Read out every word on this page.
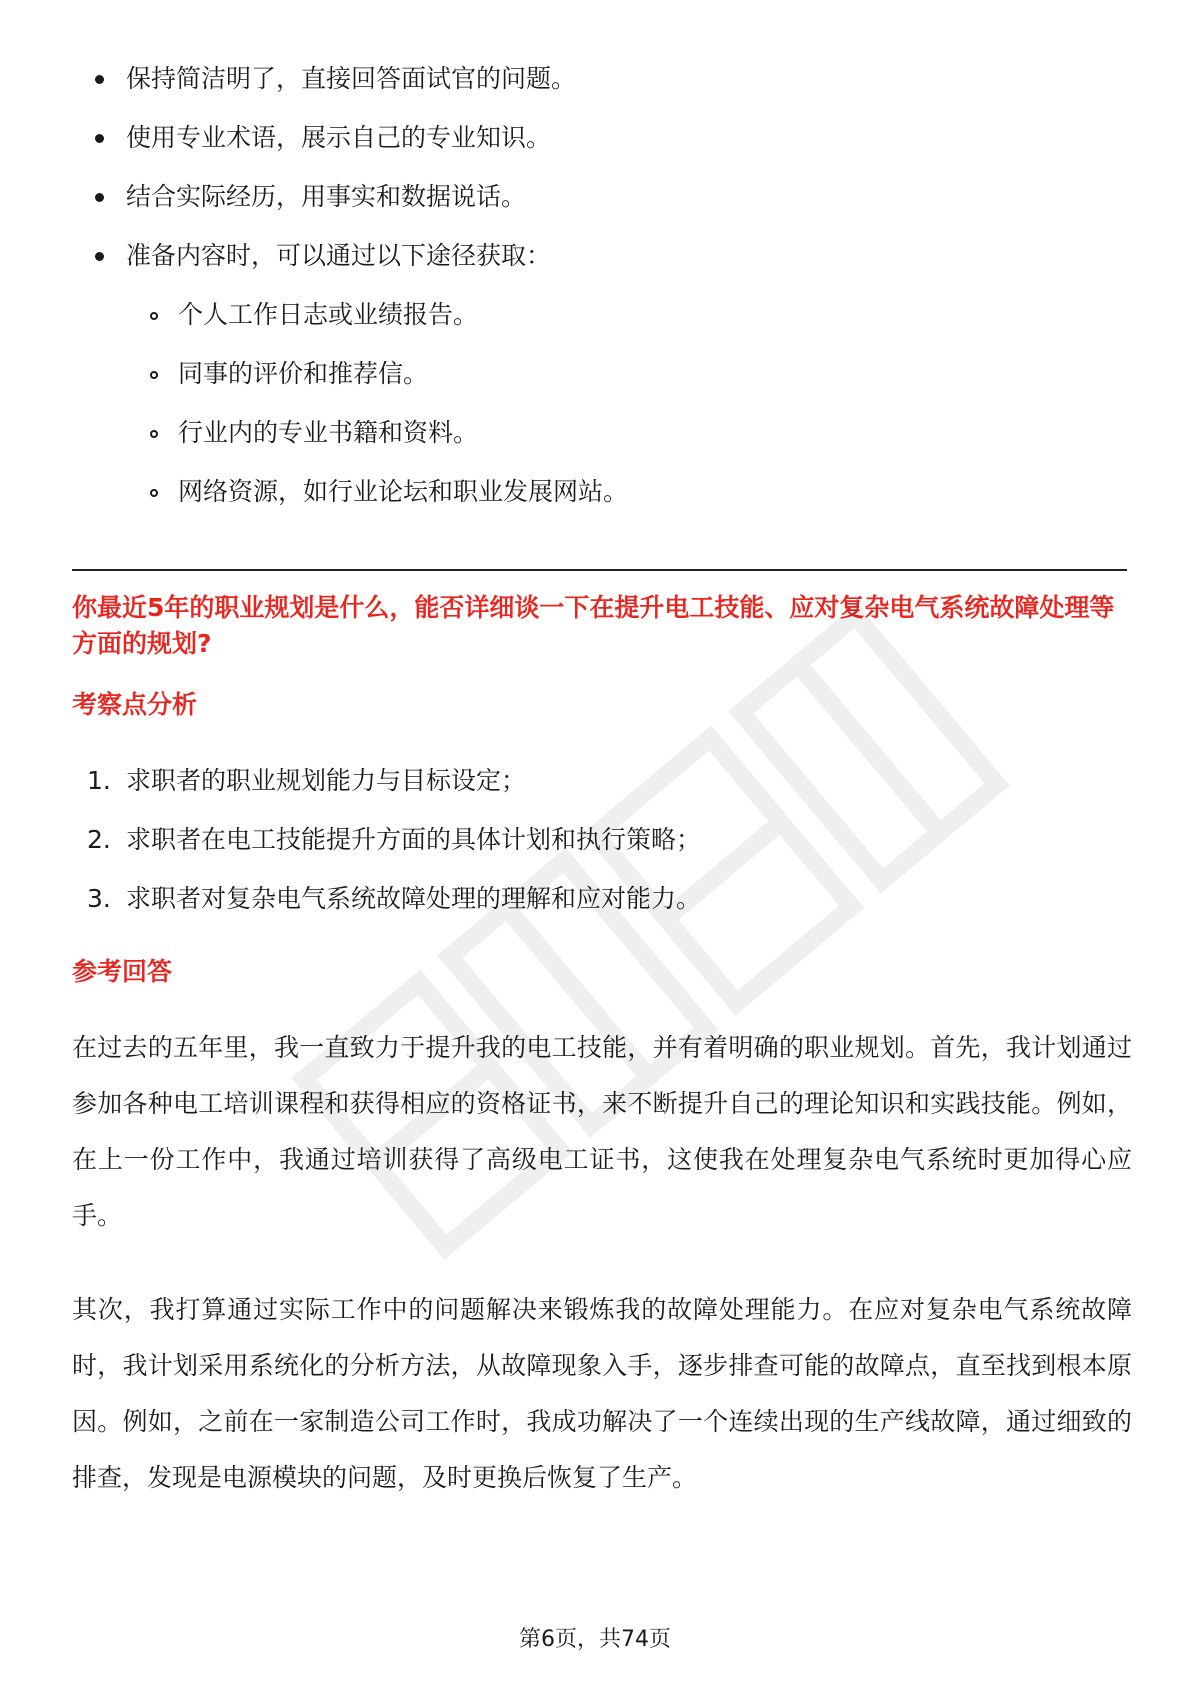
保持简洁明了，直接回答面试官的问题。
使用专业术语，展示自己的专业知识。
结合实际经历，用事实和数据说话。
准备内容时，可以通过以下途径获取：
个人工作日志或业绩报告。
同事的评价和推荐信。
行业内的专业书籍和资料。
网络资源，如行业论坛和职业发展网站。
你最近5年的职业规划是什么，能否详细谈一下在提升电工技能、应对复杂电气系统故障处理等方面的规划?
考察点分析
1. 求职者的职业规划能力与目标设定；
2. 求职者在电工技能提升方面的具体计划和执行策略；
3. 求职者对复杂电气系统故障处理的理解和应对能力。
参考回答
在过去的五年里，我一直致力于提升我的电工技能，并有着明确的职业规划。首先，我计划通过参加各种电工培训课程和获得相应的资格证书，来不断提升自己的理论知识和实践技能。例如，在上一份工作中，我通过培训获得了高级电工证书，这使我在处理复杂电气系统时更加得心应手。
其次，我打算通过实际工作中的问题解决来锻炼我的故障处理能力。在应对复杂电气系统故障时，我计划采用系统化的分析方法，从故障现象入手，逐步排查可能的故障点，直至找到根本原因。例如，之前在一家制造公司工作时，我成功解决了一个连续出现的生产线故障，通过细致的排查，发现是电源模块的问题，及时更换后恢复了生产。
第6页，共74页
